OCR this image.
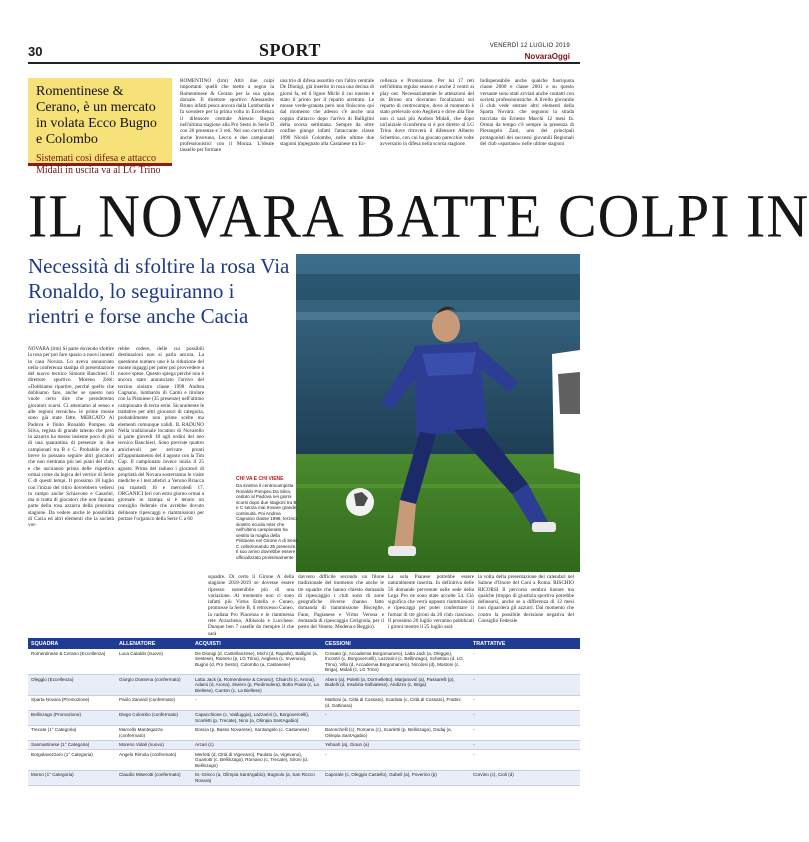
30	SPORT	VENERDÌ 12 LUGLIO 2019
NovaraOggi
Romentinese & Cerano, è un mercato in volata Ecco Bugno e Colombo
Sistemati così difesa e attacco Midali in uscita va al LG Trino
ROMENTINO (lrm) Altri due colpi importanti quelli che mette a segno la Romentinese & Cerano per la sua spina dorsale. Il direttore sportivo Alessandro Bruno infatti pesca ancora dalla Lombardia e fa scendere per la prima volta in Eccellenza il difensore centrale Alessio Bugno nell'ultima stagione alla Pro Sesto in Serie D con 26 presenze e 3 reti. Nel suo curriculum anche Inveruno, Lecco e due campionati professionistici con il Monza. L'ideale tassello per formare
una trio di difesa assortito con l'altro centrale De Dionigi, già inserito in rosa una decina di giorni fa, ed il ligure Michi il cui innesto è stato il primo per il reparto arretrato. Le mosse verde-granata però non finiscono qui dal momento che adesso c'è anche una coppia d'attacco dopo l'arrivo di Balliglini della scorsa settimana. Sempre da oltre confine giunge infatti l'attaccante classe 1990 Nicolò Colombo, nelle ultime due stagioni impegnato alla Castanese tra Ec-
cellenza e Promozione. Per lui 17 reti nell'ultima regular season e anche 2 centri ai play out. Necessariamente le attenzioni del ds Bruno ora dovranno focalizzarsi sul reparto di centrocampo, dove al momento è stato prelevato solo Aegliera e dove alla fine non ci sarà più Andrea Midali, che dopo un'iniziale riconferma si è poi diretto al LG Trino dove ritroverà il difensore Alberto Schettino, con cui ha giocato parecchie volte avversario in difesa nella scorsa stagione.
Indispensabile anche qualche fuoriquota classe 2000 e classe 2001 e su questo versante sono stati avviati anche contatti con società professionistiche. A livello giovanile il club vede entrare altri elementi della Sparta Novara: che seguono la strada tracciata da Ernesto Marchi 12 mesi fa. Ormai da tempo c'è sempre la presenza di Pierangelo Zani, uno dei principali protagonisti dei successi giovanili Regionali del club «spartano» nelle ultime stagioni
IL NOVARA BATTE COLPI IN
Necessità di sfoltire la rosa Via Ronaldo, lo seguiranno i rientri e forse anche Cacia
CHI VA E CHI VIENE
Da sinistra il centrocampista Ronaldo Pompeu Da Silva, ceduto al Padova nei giorni scorsi dopo due stagioni tra B e C senza mai trovare grande continuità. Poi Andrea Cagnano classe 1998, terzino sinistro scuola Inter che nell'ultimo campionato ha vestito la maglia della Pistoiese nel Girone A di Serie C collezionando 35 presenze. Il suo arrivo dovrebbe essere ufficializzato prossimamente
NOVARA (lrm) Si parte dovendo sfoltire la rosa per poi fare spazio a nuovi innesti in casa Novara. Lo aveva annunciato nella conferenza stampa di presentazione del nuovo tecnico Simone Banchieri. Il direttore sportivo Moreno Zebi: «Dobbiamo ripartire, perché quello che dobbiamo fare, anche se questo non vuole certo dire che prenderemo giocatori scarsi. Ci atteniamo al senso e alle regioni tecniche» le prime mosse sono già state fatte. MERCATO Al Padova è finito Ronaldo Pompeu da Silva, regista di grande talento che però in azzurro ha messo insieme poco di più di una quarantina di presenze in due campionati tra B e C. Probabile che a breve lo possano seguire altri giocatori che non rientrano più nei piani del club, e che usciranno prima delle rispettive ormai come da logica del vertice di Serie C di questi tempi. Il prossimo 18 luglio con l'inizio del ritiro dovrebbero vedersi in campo anche Schiavone e Casarini, ma si tratta di giocatori che non faranno parte della rosa azzurra della prossima stagione. Da vedere anche le possibilità di Cacia ed altri elementi che la società vor-
rebbe cedere, delle cui possibili destinazioni non si parla ancora. La questione numero uno è la riduzione del monte ingaggi per poter poi provvedere a nuove spese. Questo spiega perché non è ancora stato annunciato l'arrivo del terzino sinistro classe 1998 Andrea Cagnano, lombardo di Cantù e titolare con la Pistoiese (35 presenze) nell'ultimo campionato di terza serie. Sicuramente le trattative per altri giocatori di categoria, probabilmente non prime scelte ma elementi comunque validi. IL RADUNO Nella tradizionale location di Novarello si parte giovedì 18 agli ordini del neo tecnico Banchieri. Sono previste quattro amichevoli per arrivare pronti all'appuntamento del 4 agosto con la Tim Cup. Il campionato invece inizia il 25 agosto. Prima del raduno i giocatori di proprietà del Novara sosterranno le visite mediche e i test atletici a Veruno Briacca (su martedì 16 e mercoledì 17. ORGANICI Ieri con estro giorno ormai a giornale in stampa si è tenuto un consiglio federale che avrebbe dovuto delineare ripescaggi e riammissioni per portare l'organico della Serie C a 60
squadre. Di certo il Girone A della stagione 2018-2019 se dovesse essere ripresso sostenibile più di una variazione. Al momento non ci sono infatti più Virtus Entella e Cuneo, promosse la Serie B, il retrocesso Cuneo, la radiata Pro Piacenza e le riammessa rete Arzachena, Albissola e Lucchese. Dunque ben 7 caselle da riempire il che sarà
davvero difficile secondo un filone tradizionale del momento che anche le tre squadre che hanno chiesto domanda di ripescaggio i club sono di zone geografiche diverse (hanno fatto domanda di riammissione Bisceglie, Fano, Pagianese e Virtus Verona e domanda di ripescaggio Cerignola, per il posto del Veneto, Modena e Reggio).
La sola Pianese potrebbe essere naturalmente inserita. In definitiva delle 56 domande pervenute nelle sede della Lega Pro ne sono state accolte 54. Ciò significa che verrà opposto riammissioni e ripescaggi per poter confermare il format di tre gironi da 20 club ciascuno. Il prossimo 20 luglio verranno pubblicati i gironi mentre il 25 luglio sarà
la volta della presentazione del calendari nel Salone d'Onore del Coni a Roma. RISCHIO RICORSI Il percorso sembra lineare ma qualche (troppo di giustizia sportiva potrebbe delinearsi, anche se a differenza di 12 mesi non riguarderà gli azzurri. Dal momento che contro la possibile decisione negativa del Consiglio Federale
SQUADRA	ALLENATORE	ACQUISTI	CESSIONI	TRATTATIVE
Romentinese & Cerano (Eccellenza)	Luca Cataldo (nuovo)	De Dionigi (d, Castellanzese), Michi (d, Rapallo), Balligini (a, Sestese), Rainero (p, LG Trino), Aegliera (c, Inveruno), Bugno (d, Pro Sesto), Colombo (a, Castanese)	Crosato (p, Accademia Borgomanero), Latta Jack (a, Oleggio), Incontri (c, Borgovercelli), Lazzarini (c, Bellinzago), Schettino (d, LG Trino), Villa (d, Accademia Borgomanero), Nicolosi (d), Mostoni (c, Briga), Midali (c, LG Trino)	-
Oleggio (Eccellenza)	Giorgio Dossena (confermato)	Latta Jack (a, Romentinese & Cerano), Chiarchi (c, Arona), Adami (d, Arona), Siviero (p, Piedimulera), Botto Poala (c, La Biellese), Canton (c, La Biellese)	Abero (a), Poletti (a, Dormelletto), Marjanović (a), Passarelli (p), Budelli (d, Insubria-Solbiatese), Andizzo (c, Briga)	-
Sparta Novara (Promozione)	Paolo Zanardi (confermato)	-	Mattioni (a, Città di Cossato), Scarlata (c, Città di Cossato), Frattini (d, Gattinara)	-
Bellinzago (Promozione)	Diego Colombo (confermato)	Capacchione (c, Valduggia), Lazzarini (c, Borgovercelli), Scarletti (p, Trecate), Nino (a, Olimpia SantAgabio)	-	-
Trecate (1° Categoria)	Marcello Mantegazza (confermato)	Boscia (p, Basso Novarese), Santangelo (c, Castanese)	Baronchelli (c), Romano (c), Scarletti (p, Bellinzago), Dodaj (a, Olimpia SantAgabio)	-
Sanmartinese (1° Categoria)	Moreno Vidali (nuovo)	Arcari (c)	Yeboah (a), Gioun (a)	-
Borgolavezzaro (1° Categoria)	Angelo Rimola (confermato)	Merlotti (d, Città di Vigevano), Paulato (a, Vigevano), Guariotti (c, Bellinzago), Romano (c, Trecate), Sironi (d, Bellinzago)	-	-
Momo (1° Categoria)	Claudio Miserotti (confermato)	M. Grieco (a, Olimpia SantAgabio), Bugnolo (a, San Rocco Novara)	Caporale (c, Oleggio Castello), Gabeli (a), Poverino (p)	Corvino (c), Cioli (d)
